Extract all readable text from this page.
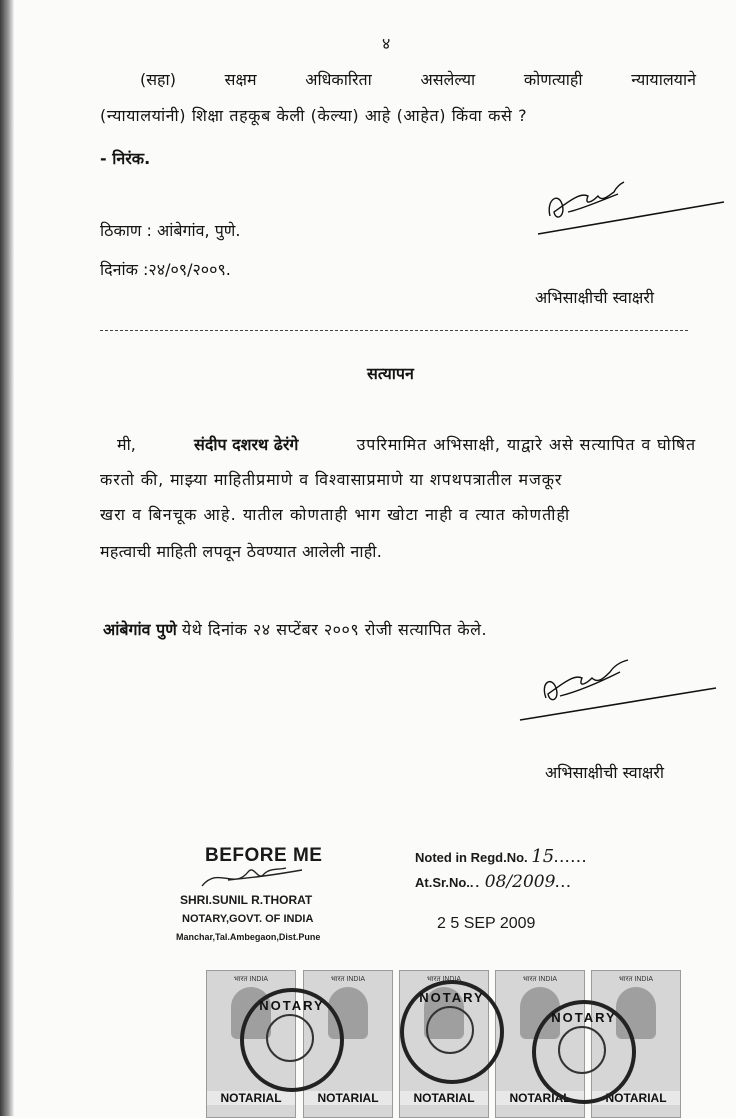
४
(सहा)	सक्षम	अधिकारिता	असलेल्या	कोणत्याही	न्यायालयाने
(न्यायालयांनी) शिक्षा तहकूब केली (केल्या) आहे (आहेत) किंवा कसे ?
- निरंक.
ठिकाण : आंबेगांव, पुणे.
दिनांक :२४/०९/२००९.
अभिसाक्षीची स्वाक्षरी
सत्यापन
मी,	संदीप दशरथ ढेरंगे	उपरिमामित अभिसाक्षी, याद्वारे असे सत्यापित व घोषित
करतो की, माझ्या माहितीप्रमाणे व विश्वासाप्रमाणे या शपथपत्रातील मजकूर
खरा व बिनचूक आहे. यातील कोणताही भाग खोटा नाही व त्यात कोणतीही
महत्वाची माहिती लपवून ठेवण्यात आलेली नाही.
आंबेगांव पुणे येथे दिनांक २४ सप्टेंबर २००९ रोजी सत्यापित केले.
अभिसाक्षीची स्वाक्षरी
BEFORE ME
SHRI.SUNIL R.THORAT
NOTARY,GOVT. OF INDIA
Manchar,Tal.Ambegaon,Dist.Pune
Noted in Regd.No. 15......
At.Sr.No... 08/2009...
2 5 SEP 2009
भारत INDIA
NOTARIAL
भारत INDIA
NOTARIAL
भारत INDIA
NOTARIAL
भारत INDIA
NOTARIAL
भारत INDIA
NOTARIAL
NOTARY
NOTARY
NOTARY
